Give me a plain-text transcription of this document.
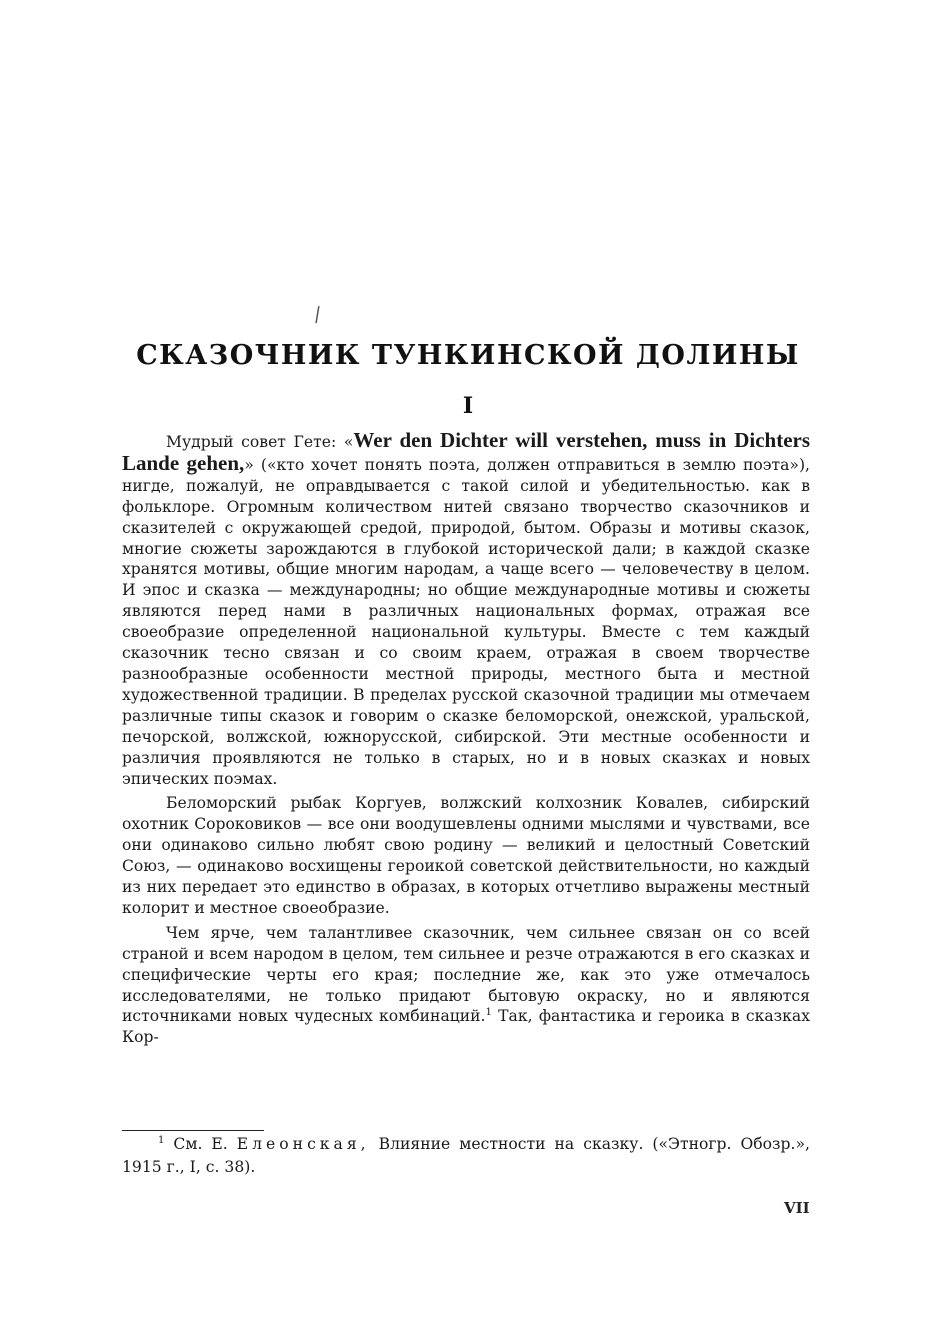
/
СКАЗОЧНИК ТУНКИНСКОЙ ДОЛИНЫ
I

Мудрый совет Гете: «Wer den Dichter will verstehen, muss in Dichters Lande gehen,» («кто хочет понять поэта, должен отправиться в землю поэта»), нигде, пожалуй, не оправдывается с такой силой и убедительностью. как в фольклоре. Огромным количеством нитей связано творчество сказочников и сказителей с окружающей средой, природой, бытом. Образы и мотивы сказок, многие сюжеты зарождаются в глубокой исторической дали; в каждой сказке хранятся мотивы, общие многим народам, а чаще всего — человечеству в целом. И эпос и сказка — международны; но общие международные мотивы и сюжеты являются перед нами в различных национальных формах, отражая все своеобразие определенной национальной культуры. Вместе с тем каждый сказочник тесно связан и со своим краем, отражая в своем творчестве разнообразные особенности местной природы, местного быта и местной художественной традиции. В пределах русской сказочной традиции мы отмечаем различные типы сказок и говорим о сказке беломорской, онежской, уральской, печорской, волжской, южнорусской, сибирской. Эти местные особенности и различия проявляются не только в старых, но и в новых сказках и новых эпических поэмах.

Беломорский рыбак Коргуев, волжский колхозник Ковалев, сибирский охотник Сороковиков — все они воодушевлены одними мыслями и чувствами, все они одинаково сильно любят свою родину — великий и целостный Советский Союз, — одинаково восхищены героикой советской действительности, но каждый из них передает это единство в образах, в которых отчетливо выражены местный колорит и местное своеобразие.

Чем ярче, чем талантливее сказочник, чем сильнее связан он со всей страной и всем народом в целом, тем сильнее и резче отражаются в его сказках и специфические черты его края; последние же, как это уже отмечалось исследователями, не только придают бытовую окраску, но и являются источниками новых чудесных комбинаций.$^1$ Так, фантастика и героика в сказках Кор-

$^1$ См. Е. Елеонская, Влияние местности на сказку. («Этногр. Обозр.», 1915 г., I, с. 38).

VII
